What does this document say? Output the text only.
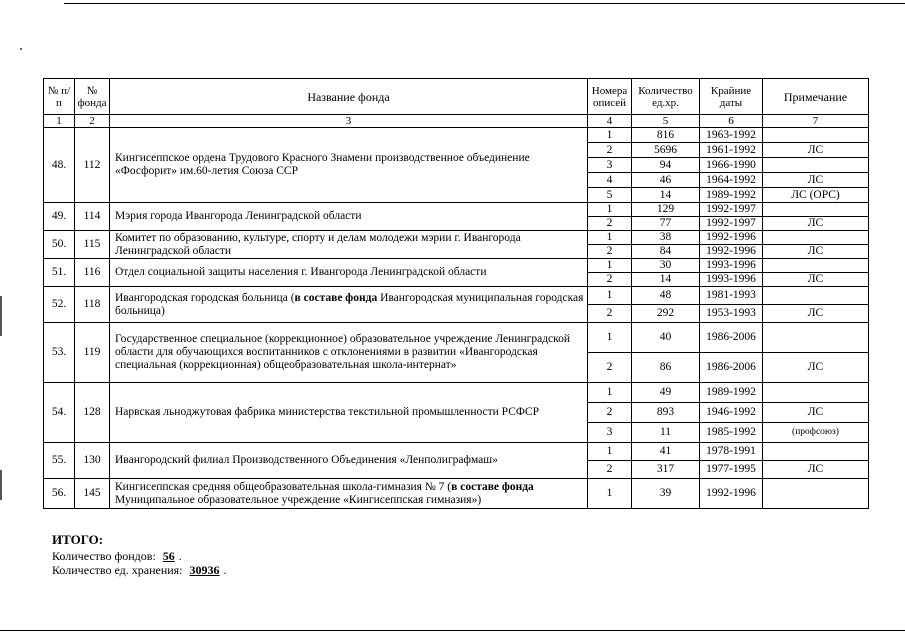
№ п/п	№ фонда	Название фонда	Номера описей	Количество ед.хр.	Крайние даты	Примечание
1	2	3	4	5	6	7
48.	112	Кингисеппское ордена Трудового Красного Знамени производственное объединение «Фосфорит» им.60-летия Союза ССР	1	816	1963-1992	
			2	5696	1961-1992	ЛС
			3	94	1966-1990	
			4	46	1964-1992	ЛС
			5	14	1989-1992	ЛС (ОРС)
49.	114	Мэрия города Ивангорода Ленинградской области	1	129	1992-1997	
			2	77	1992-1997	ЛС
50.	115	Комитет по образованию, культуре, спорту и делам молодежи мэрии г. Ивангорода Ленинградской области	1	38	1992-1996	
			2	84	1992-1996	ЛС
51.	116	Отдел социальной защиты населения г. Ивангорода Ленинградской области	1	30	1993-1996	
			2	14	1993-1996	ЛС
52.	118	Ивангородская городская больница (в составе фонда Ивангородская муниципальная городская больница)	1	48	1981-1993	
			2	292	1953-1993	ЛС
53.	119	Государственное специальное (коррекционное) образовательное учреждение Ленинградской области для обучающихся воспитанников с отклонениями в развитии «Ивангородская специальная (коррекционная) общеобразовательная школа-интернат»	1	40	1986-2006	
			2	86	1986-2006	ЛС
54.	128	Нарвская льноджутовая фабрика министерства текстильной промышленности РСФСР	1	49	1989-1992	
			2	893	1946-1992	ЛС
			3	11	1985-1992	(профсоюз)
55.	130	Ивангородский филиал Производственного Объединения «Ленполиграфмаш»	1	41	1978-1991	
			2	317	1977-1995	ЛС
56.	145	Кингисеппская средняя общеобразовательная школа-гимназия № 7 (в составе фонда Муниципальное образовательное учреждение «Кингисеппская гимназия»)	1	39	1992-1996	
ИТОГО:
Количество фондов: 56 .
Количество ед. хранения: 30936 .
